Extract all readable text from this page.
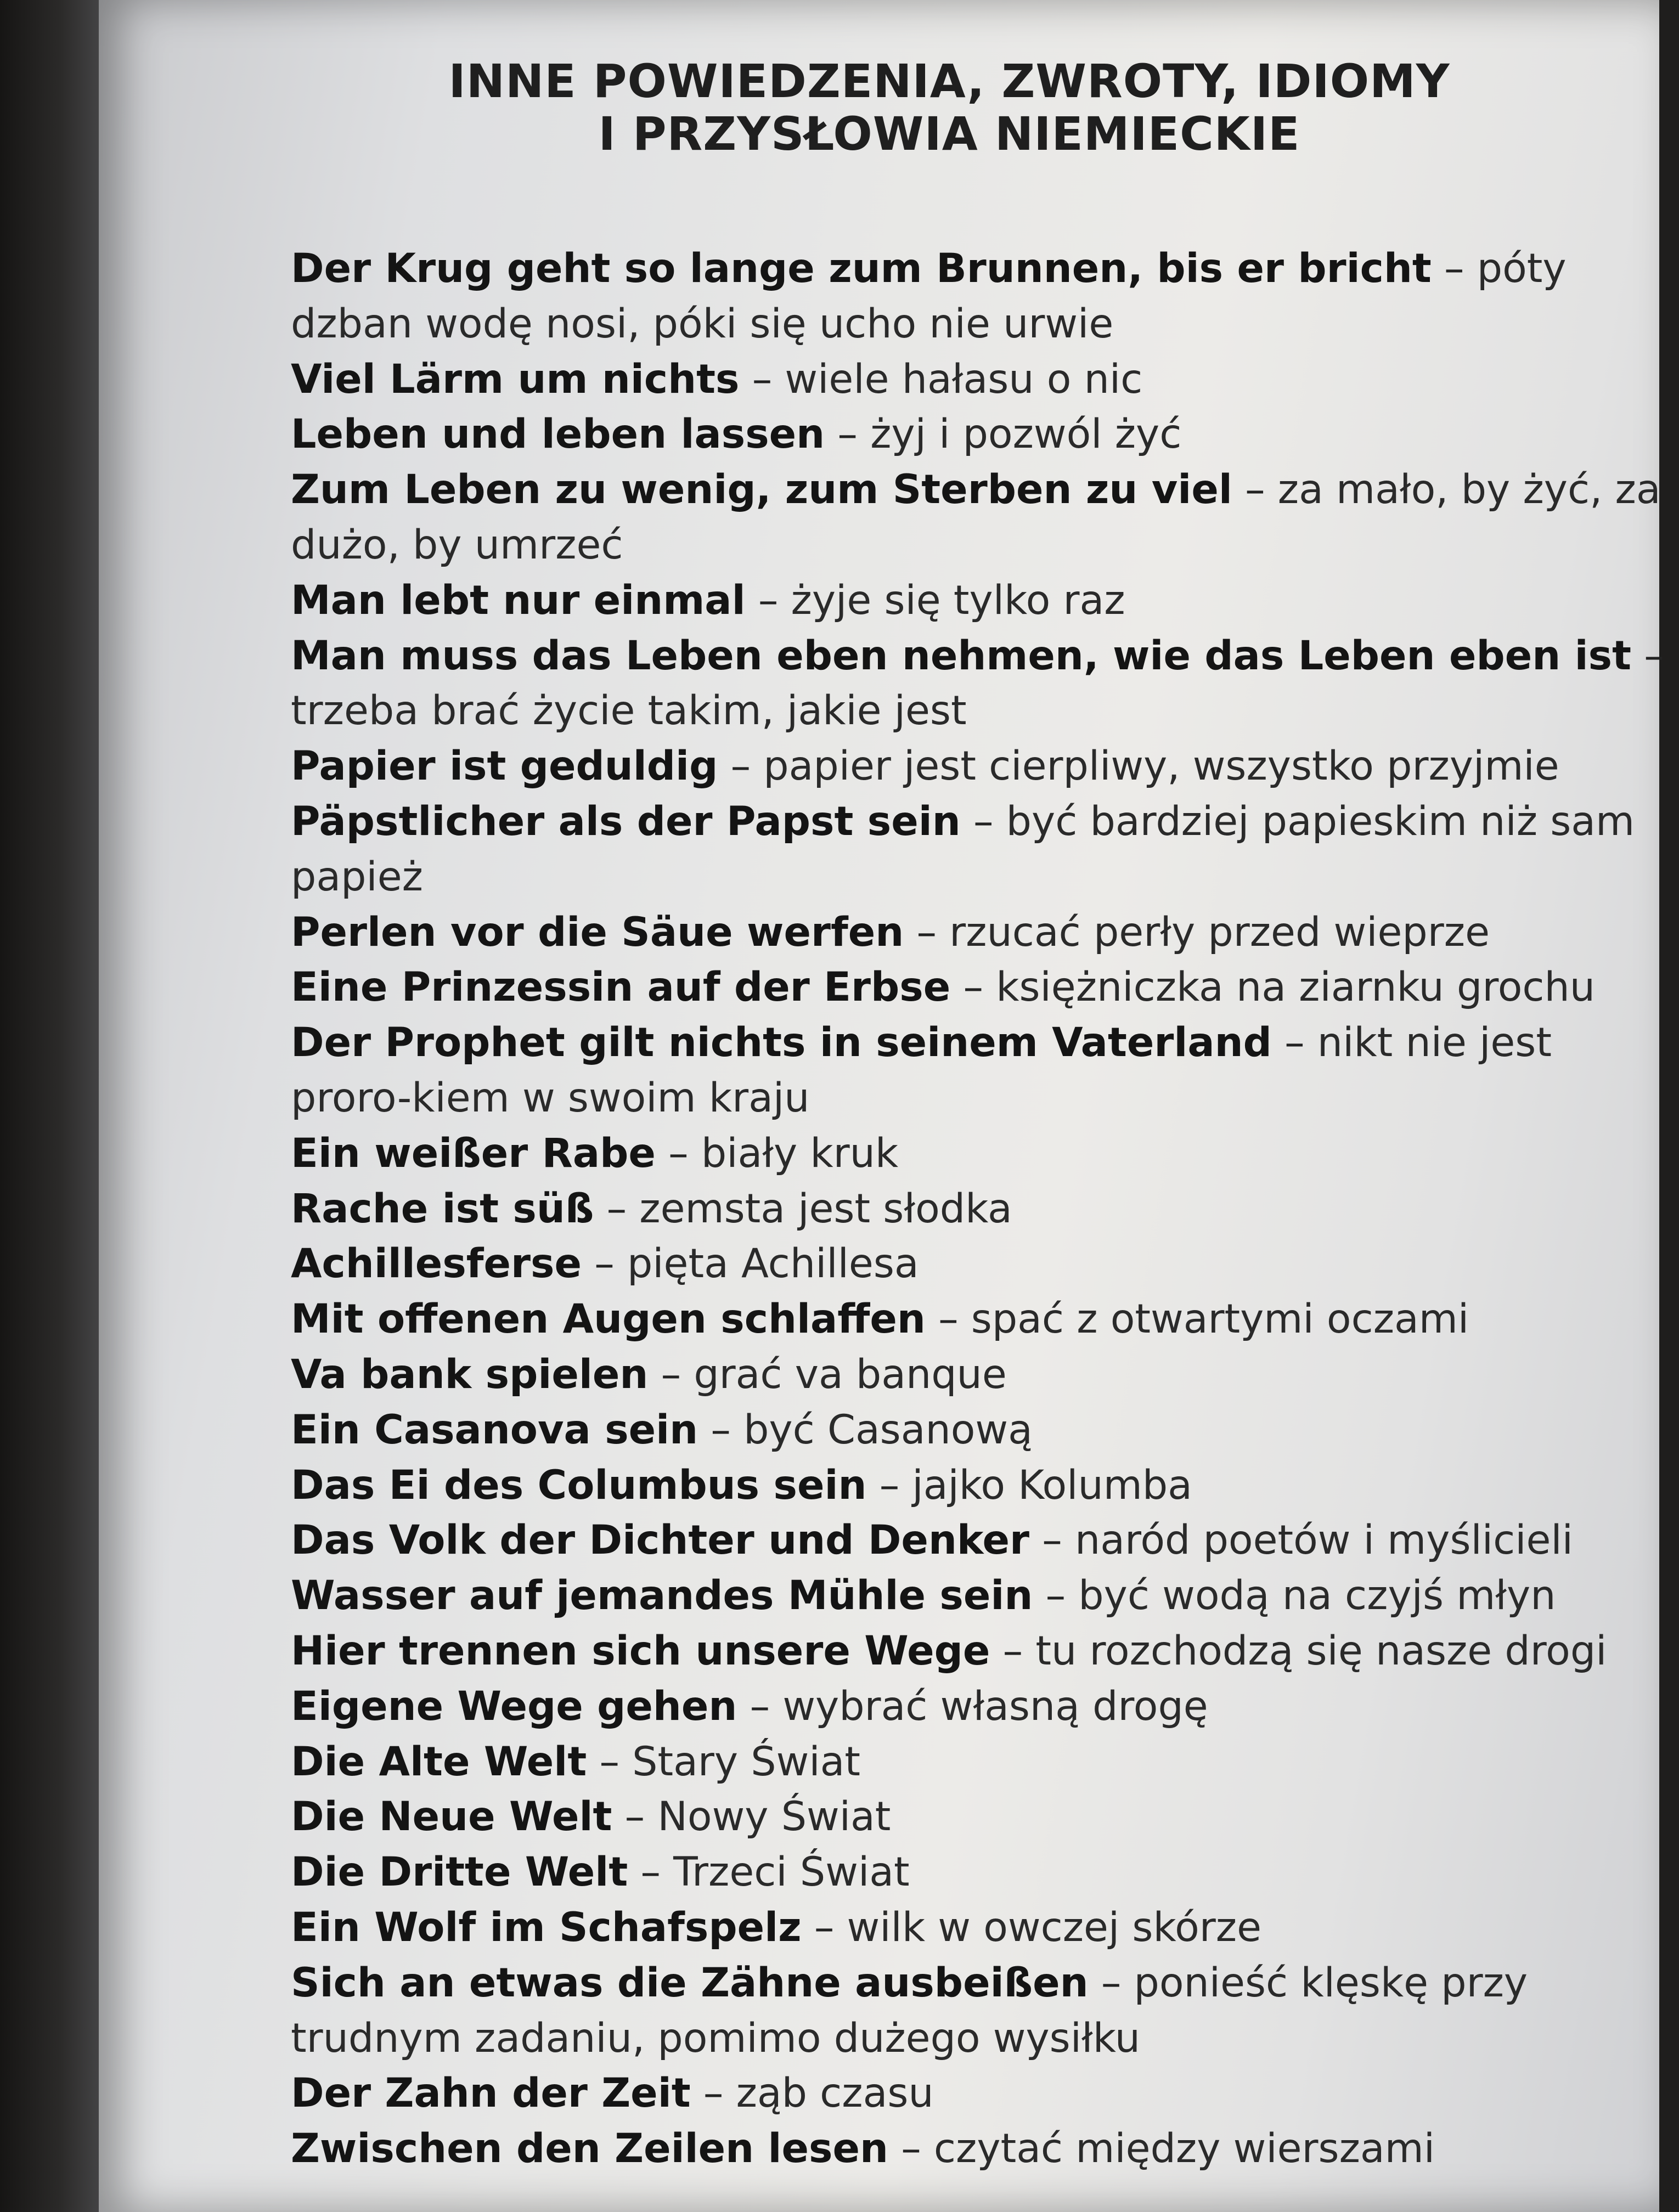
INNE POWIEDZENIA, ZWROTY, IDIOMY
I PRZYSŁOWIA NIEMIECKIE
Der Krug geht so lange zum Brunnen, bis er bricht – póty dzban wodę nosi, póki się ucho nie urwie
Viel Lärm um nichts – wiele hałasu o nic
Leben und leben lassen – żyj i pozwól żyć
Zum Leben zu wenig, zum Sterben zu viel – za mało, by żyć, za dużo, by umrzeć
Man lebt nur einmal – żyje się tylko raz
Man muss das Leben eben nehmen, wie das Leben eben ist – trzeba brać życie takim, jakie jest
Papier ist geduldig – papier jest cierpliwy, wszystko przyjmie
Päpstlicher als der Papst sein – być bardziej papieskim niż sam papież
Perlen vor die Säue werfen – rzucać perły przed wieprze
Eine Prinzessin auf der Erbse – księżniczka na ziarnku grochu
Der Prophet gilt nichts in seinem Vaterland – nikt nie jest proro-kiem w swoim kraju
Ein weißer Rabe – biały kruk
Rache ist süß – zemsta jest słodka
Achillesferse – pięta Achillesa
Mit offenen Augen schlaffen – spać z otwartymi oczami
Va bank spielen – grać va banque
Ein Casanova sein – być Casanową
Das Ei des Columbus sein – jajko Kolumba
Das Volk der Dichter und Denker – naród poetów i myślicieli
Wasser auf jemandes Mühle sein – być wodą na czyjś młyn
Hier trennen sich unsere Wege – tu rozchodzą się nasze drogi
Eigene Wege gehen – wybrać własną drogę
Die Alte Welt – Stary Świat
Die Neue Welt – Nowy Świat
Die Dritte Welt – Trzeci Świat
Ein Wolf im Schafspelz – wilk w owczej skórze
Sich an etwas die Zähne ausbeißen – ponieść klęskę przy trudnym zadaniu, pomimo dużego wysiłku
Der Zahn der Zeit – ząb czasu
Zwischen den Zeilen lesen – czytać między wierszami
